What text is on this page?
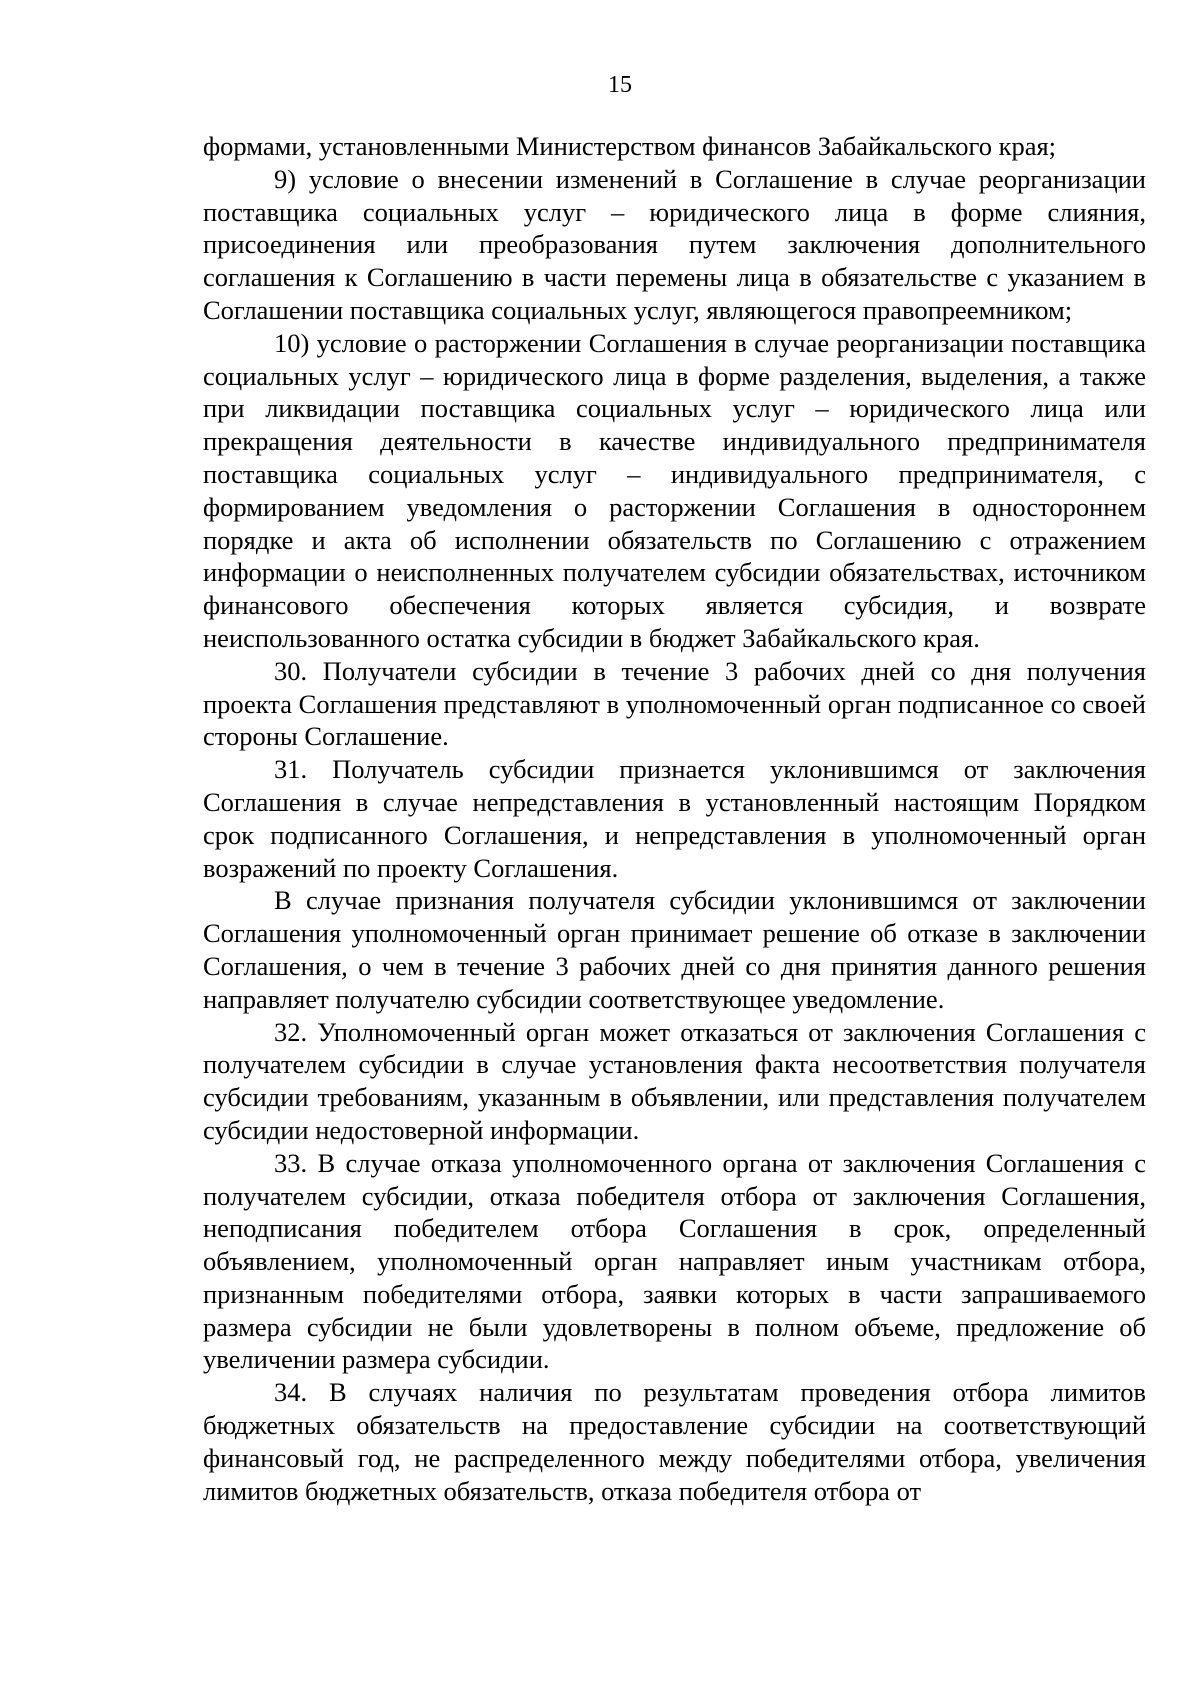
15

формами, установленными Министерством финансов Забайкальского края;

9) условие о внесении изменений в Соглашение в случае реорганизации поставщика социальных услуг – юридического лица в форме слияния, присоединения или преобразования путем заключения дополнительного соглашения к Соглашению в части перемены лица в обязательстве с указанием в Соглашении поставщика социальных услуг, являющегося правопреемником;

10) условие о расторжении Соглашения в случае реорганизации поставщика социальных услуг – юридического лица в форме разделения, выделения, а также при ликвидации поставщика социальных услуг – юридического лица или прекращения деятельности в качестве индивидуального предпринимателя поставщика социальных услуг – индивидуального предпринимателя, с формированием уведомления о расторжении Соглашения в одностороннем порядке и акта об исполнении обязательств по Соглашению с отражением информации о неисполненных получателем субсидии обязательствах, источником финансового обеспечения которых является субсидия, и возврате неиспользованного остатка субсидии в бюджет Забайкальского края.

30. Получатели субсидии в течение 3 рабочих дней со дня получения проекта Соглашения представляют в уполномоченный орган подписанное со своей стороны Соглашение.

31. Получатель субсидии признается уклонившимся от заключения Соглашения в случае непредставления в установленный настоящим Порядком срок подписанного Соглашения, и непредставления в уполномоченный орган возражений по проекту Соглашения.

В случае признания получателя субсидии уклонившимся от заключении Соглашения уполномоченный орган принимает решение об отказе в заключении Соглашения, о чем в течение 3 рабочих дней со дня принятия данного решения направляет получателю субсидии соответствующее уведомление.

32. Уполномоченный орган может отказаться от заключения Соглашения с получателем субсидии в случае установления факта несоответствия получателя субсидии требованиям, указанным в объявлении, или представления получателем субсидии недостоверной информации.

33. В случае отказа уполномоченного органа от заключения Соглашения с получателем субсидии, отказа победителя отбора от заключения Соглашения, неподписания победителем отбора Соглашения в срок, определенный объявлением, уполномоченный орган направляет иным участникам отбора, признанным победителями отбора, заявки которых в части запрашиваемого размера субсидии не были удовлетворены в полном объеме, предложение об увеличении размера субсидии.

34. В случаях наличия по результатам проведения отбора лимитов бюджетных обязательств на предоставление субсидии на соответствующий финансовый год, не распределенного между победителями отбора, увеличения лимитов бюджетных обязательств, отказа победителя отбора от
